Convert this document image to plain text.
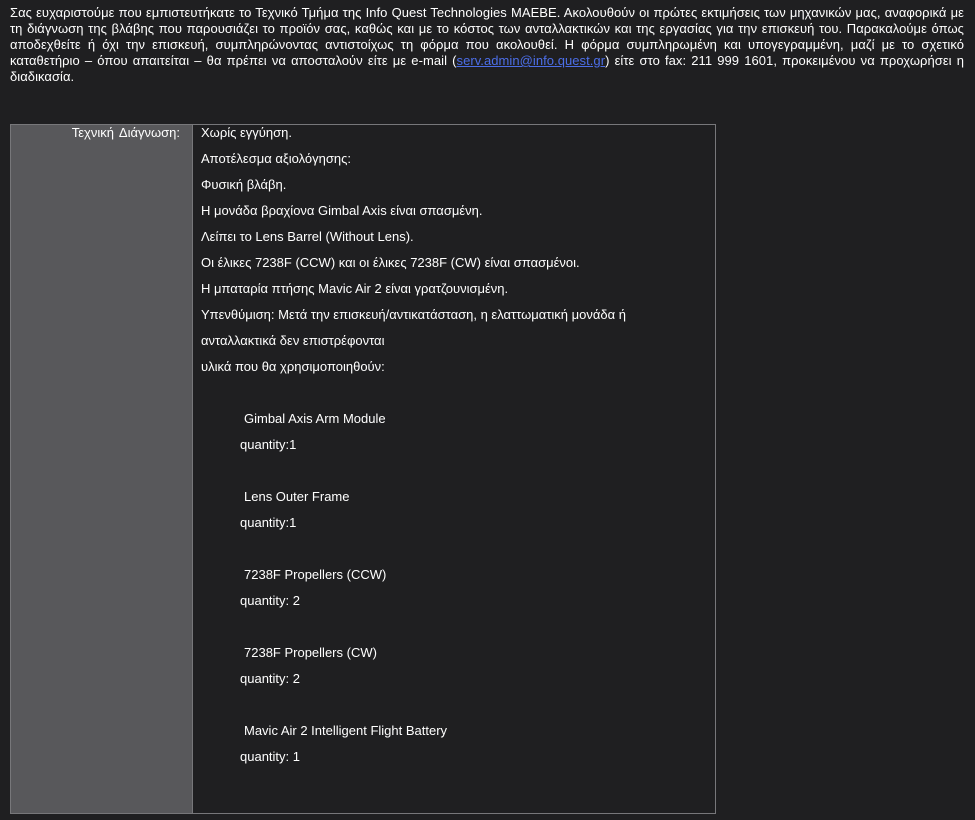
Σας ευχαριστούμε που εμπιστευτήκατε το Τεχνικό Τμήμα της Info Quest Technologies ΜΑΕΒΕ. Ακολουθούν οι πρώτες εκτιμήσεις των μηχανικών μας, αναφορικά με τη διάγνωση της βλάβης που παρουσιάζει το προϊόν σας, καθώς και με το κόστος των ανταλλακτικών και της εργασίας για την επισκευή του. Παρακαλούμε όπως αποδεχθείτε ή όχι την επισκευή, συμπληρώνοντας αντιστοίχως τη φόρμα που ακολουθεί. Η φόρμα συμπληρωμένη και υπογεγραμμένη, μαζί με το σχετικό καταθετήριο – όπου απαιτείται – θα πρέπει να αποσταλούν είτε με e-mail (serv.admin@info.quest.gr) είτε στο fax: 211 999 1601, προκειμένου να προχωρήσει η διαδικασία.
Τεχνική Διάγνωση: Χωρίς εγγύηση.
Αποτέλεσμα αξιολόγησης:
Φυσική βλάβη.
Η μονάδα βραχίονα Gimbal Axis είναι σπασμένη.
Λείπει το Lens Barrel (Without Lens).
Οι έλικες 7238F (CCW) και οι έλικες 7238F (CW) είναι σπασμένοι.
Η μπαταρία πτήσης Mavic Air 2 είναι γρατζουνισμένη.
Υπενθύμιση: Μετά την επισκευή/αντικατάσταση, η ελαττωματική μονάδα ή
ανταλλακτικά δεν επιστρέφονται
υλικά που θα χρησιμοποιηθούν:
Gimbal Axis Arm Module
quantity:1
Lens Outer Frame
quantity:1
7238F Propellers (CCW)
quantity: 2
7238F Propellers (CW)
quantity: 2
Mavic Air 2 Intelligent Flight Battery
quantity: 1
